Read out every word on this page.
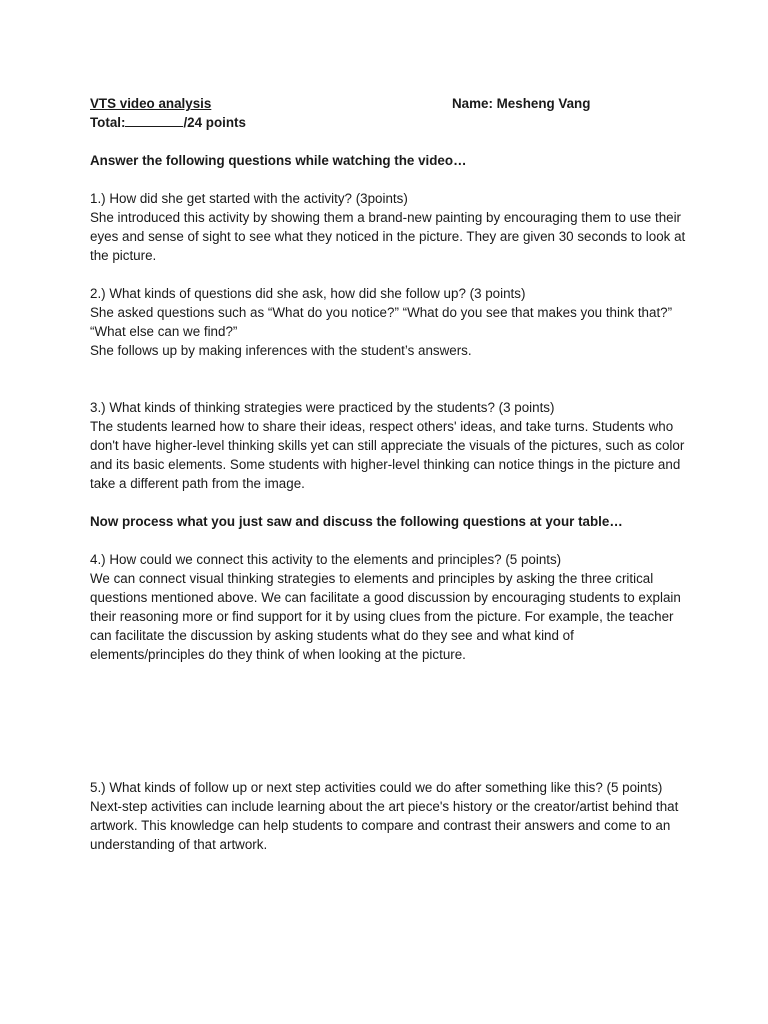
VTS video analysis	Name: Mesheng Vang
Total:	/24 points

Answer the following questions while watching the video…

1.) How did she get started with the activity? (3points)

She introduced this activity by showing them a brand-new painting by encouraging them to use their eyes and sense of sight to see what they noticed in the picture. They are given 30 seconds to look at the picture.

2.) What kinds of questions did she ask, how did she follow up? (3 points)

She asked questions such as “What do you notice?” “What do you see that makes you think that?” “What else can we find?”

She follows up by making inferences with the student’s answers.

3.) What kinds of thinking strategies were practiced by the students? (3 points)

The students learned how to share their ideas, respect others' ideas, and take turns. Students who don't have higher-level thinking skills yet can still appreciate the visuals of the pictures, such as color and its basic elements. Some students with higher-level thinking can notice things in the picture and take a different path from the image.

Now process what you just saw and discuss the following questions at your table…

4.) How could we connect this activity to the elements and principles? (5 points)

We can connect visual thinking strategies to elements and principles by asking the three critical questions mentioned above. We can facilitate a good discussion by encouraging students to explain their reasoning more or find support for it by using clues from the picture. For example, the teacher can facilitate the discussion by asking students what do they see and what kind of elements/principles do they think of when looking at the picture.

5.) What kinds of follow up or next step activities could we do after something like this? (5 points)

Next-step activities can include learning about the art piece's history or the creator/artist behind that artwork. This knowledge can help students to compare and contrast their answers and come to an understanding of that artwork.
